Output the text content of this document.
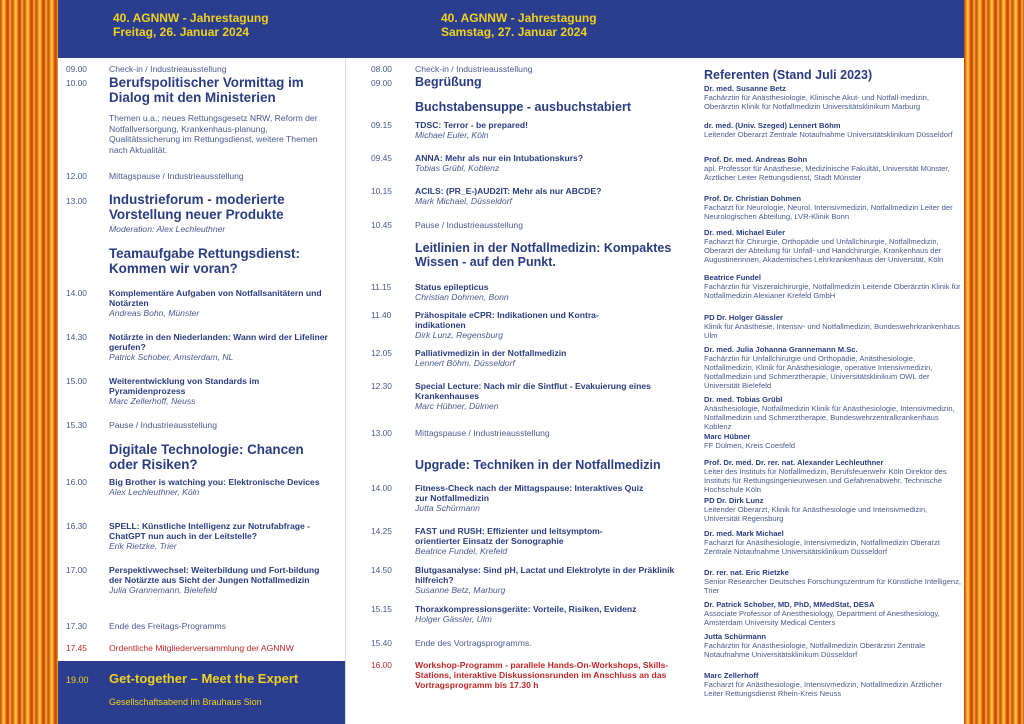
40. AGNNW - Jahrestagung
Freitag, 26. Januar 2024
40. AGNNW - Jahrestagung
Samstag, 27. Januar 2024
09.00	Check-in / Industrieausstellung
10.00	Berufspolitischer Vormittag im Dialog mit den Ministerien
Themen u.a.: neues Rettungsgesetz NRW, Reform der Notfallversorgung, Krankenhaus-planung, Qualitätssicherung im Rettungsdienst, weitere Themen nach Aktualität.
12.00	Mittagspause / Industrieausstellung
13.00	Industrieforum - moderierte Vorstellung neuer Produkte
Moderation: Alex Lechleuthner
Teamaufgabe Rettungsdienst: Kommen wir voran?
14.00	Komplementäre Aufgaben von Notfallsanitätern und Notärzten
Andreas Bohn, Münster
14.30	Notärzte in den Niederlanden: Wann wird der Lifeliner gerufen?
Patrick Schober, Amsterdam, NL
15.00	Weiterentwicklung von Standards im Pyramidenprozess
Marc Zellerhoff, Neuss
15.30	Pause / Industrieausstellung
Digitale Technologie: Chancen oder Risiken?
16.00	Big Brother is watching you: Elektronische Devices
Alex Lechleuthner, Köln
16.30	SPELL: Künstliche Intelligenz zur Notrufabfrage - ChatGPT nun auch in der Leitstelle?
Erik Rietzke, Trier
17.00	Perspektivwechsel: Weiterbildung und Fort-bildung der Notärzte aus Sicht der Jungen Notfallmedizin
Julia Grannemann, Bielefeld
17.30	Ende des Freitags-Programms
17.45	Ordentliche Mitgliederversammlung der AGNNW
19.00 Get-together – Meet the Expert
Gesellschaftsabend im Brauhaus Sion
08.00	Check-in / Industrieausstellung
09.00	Begrüßung
Buchstabensuppe - ausbuchstabiert
09.15	TDSC: Terror - be prepared!
Michael Euler, Köln
09.45	ANNA: Mehr als nur ein Intubationskurs?
Tobias Grübl, Koblenz
10.15	ACILS: (PR_E-)AUD2IT: Mehr als nur ABCDE?
Mark Michael, Düsseldorf
10.45	Pause / Industrieausstellung
Leitlinien in der Notfallmedizin: Kompaktes Wissen - auf den Punkt.
11.15	Status epilepticus
Christian Dohmen, Bonn
11.40	Prähospitale eCPR: Indikationen und Kontra-indikationen
Dirk Lunz, Regensburg
12.05	Palliativmedizin in der Notfallmedizin
Lennert Böhm, Düsseldorf
12.30	Special Lecture: Nach mir die Sintflut - Evakuierung eines Krankenhauses
Marc Hübner, Dülmen
13.00	Mittagspause / Industrieausstellung
Upgrade: Techniken in der Notfallmedizin
14.00	Fitness-Check nach der Mittagspause: Interaktives Quiz zur Notfallmedizin
Jutta Schürmann
14.25	FAST und RUSH: Effizienter und leitsymptom-orientierter Einsatz der Sonographie
Beatrice Fundel, Krefeld
14.50	Blutgasanalyse: Sind pH, Lactat und Elektrolyte in der Präklinik hilfreich?
Susanne Betz, Marburg
15.15	Thoraxkompressionsgeräte: Vorteile, Risiken, Evidenz
Holger Gässler, Ulm
15.40	Ende des Vortragsprogramms.
16.00	Workshop-Programm - parallele Hands-On-Workshops, Skills-Stations, interaktive Diskussionsrunden im Anschluss an das Vortragsprogramm bis 17.30 h
Referenten (Stand Juli 2023)
Dr. med. Susanne Betz
Fachärztin für Anästhesiologie, Klinische Akut- und Notfall-medizin, Oberärztin Klinik für Notfallmedizin Universitätsklinikum Marburg
dr. med. (Univ. Szeged) Lennert Böhm
Leitender Oberarzt Zentrale Notaufnahme Universitätsklinikum Düsseldorf
Prof. Dr. med. Andreas Bohn
apl. Professor für Anästhesie, Medizinische Fakultät, Universität Münster, Ärztlicher Leiter Rettungsdienst, Stadt Münster
Prof. Dr. Christian Dohmen
Facharzt für Neurologie, Neurol. Intensivmedizin, Notfallmedizin Leiter der Neurologischen Abteilung, LVR-Klinik Bonn
Dr. med. Michael Euler
Facharzt für Chirurgie, Orthopädie und Unfallchirurgie, Notfallmedizin, Oberarzt der Abteilung für Unfall- und Handchirurgie, Krankenhaus der Augustinerinnen, Akademisches Lehrkrankenhaus der Universität, Köln
Beatrice Fundel
Fachärztin für Viszeralchirurgie, Notfallmedizin Leitende Oberärztin Klinik für Notfallmedizin Alexianer Krefeld GmbH
PD Dr. Holger Gässler
Klinik für Anästhesie, Intensiv- und Notfallmedizin, Bundeswehrkrankenhaus Ulm
Dr. med. Julia Johanna Grannemann M.Sc.
Fachärztin für Unfallchirurgie und Orthopädie, Anästhesiologie, Notfallmedizin, Klinik für Anästhesiologie, operative Intensivmedizin, Notfallmedizin und Schmerztherapie, Universitätsklinikum OWL der Universität Bielefeld
Dr. med. Tobias Grübl
Anästhesiologie, Notfallmedizin Klinik für Anästhesiologie, Intensivmedizin, Notfallmedizin und Schmerztherapie, Bundeswehrzentralkrankenhaus Koblenz
Marc Hübner
FF Dülmen, Kreis Coesfeld
Prof. Dr. med. Dr. rer. nat. Alexander Lechleuthner
Leiter des Instituts für Notfallmedizin, Berufsfeuerwehr Köln Direktor des Instituts für Rettungsingenieurwesen und Gefahrenabwehr, Technische Hochschule Köln
PD Dr. Dirk Lunz
Leitender Oberarzt, Klinik für Anästhesiologie und Intensivmedizin, Universität Regensburg
Dr. med. Mark Michael
Facharzt für Anästhesiologie, Intensivmedizin, Notfallmedizin Oberarzt Zentrale Notaufnahme Universitätsklinikum Düsseldorf
Dr. rer. nat. Eric Rietzke
Senior Researcher Deutsches Forschungszentrum für Künstliche Intelligenz, Trier
Dr. Patrick Schober, MD, PhD, MMedStat, DESA
Associate Professor of Anesthesiology, Department of Anesthesiology, Amsterdam University Medical Centers
Jutta Schürmann
Fachärztin für Anästhesiologie, Notfallmedizin Oberärztin Zentrale Notaufnahme Universitätsklinikum Düsseldorf
Marc Zellerhoff
Facharzt für Anästhesiologie, Intensivmedizin, Notfallmedizin Ärztlicher Leiter Rettungsdienst Rhein-Kreis Neuss
